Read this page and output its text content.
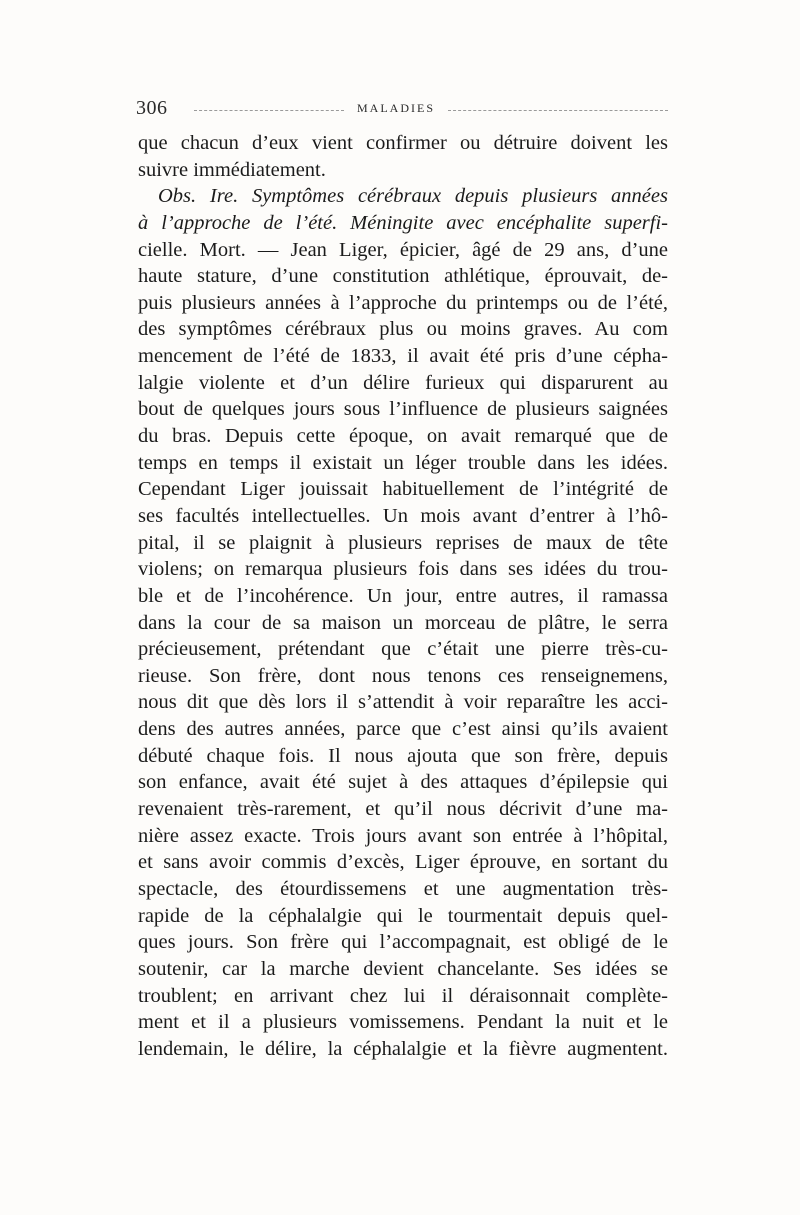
306	MALADIES
que chacun d’eux vient confirmer ou détruire doivent les
suivre immédiatement.
Obs. Ire. Symptômes cérébraux depuis plusieurs années
à l’approche de l’été. Méningite avec encéphalite superfi-
cielle. Mort. — Jean Liger, épicier, âgé de 29 ans, d’une
haute stature, d’une constitution athlétique, éprouvait, de-
puis plusieurs années à l’approche du printemps ou de l’été,
des symptômes cérébraux plus ou moins graves. Au com
mencement de l’été de 1833, il avait été pris d’une cépha-
lalgie violente et d’un délire furieux qui disparurent au
bout de quelques jours sous l’influence de plusieurs saignées
du bras. Depuis cette époque, on avait remarqué que de
temps en temps il existait un léger trouble dans les idées.
Cependant Liger jouissait habituellement de l’intégrité de
ses facultés intellectuelles. Un mois avant d’entrer à l’hô-
pital, il se plaignit à plusieurs reprises de maux de tête
violens; on remarqua plusieurs fois dans ses idées du trou-
ble et de l’incohérence. Un jour, entre autres, il ramassa
dans la cour de sa maison un morceau de plâtre, le serra
précieusement, prétendant que c’était une pierre très-cu-
rieuse. Son frère, dont nous tenons ces renseignemens,
nous dit que dès lors il s’attendit à voir reparaître les acci-
dens des autres années, parce que c’est ainsi qu’ils avaient
débuté chaque fois. Il nous ajouta que son frère, depuis
son enfance, avait été sujet à des attaques d’épilepsie qui
revenaient très-rarement, et qu’il nous décrivit d’une ma-
nière assez exacte. Trois jours avant son entrée à l’hôpital,
et sans avoir commis d’excès, Liger éprouve, en sortant du
spectacle, des étourdissemens et une augmentation très-
rapide de la céphalalgie qui le tourmentait depuis quel-
ques jours. Son frère qui l’accompagnait, est obligé de le
soutenir, car la marche devient chancelante. Ses idées se
troublent; en arrivant chez lui il déraisonnait complète-
ment et il a plusieurs vomissemens. Pendant la nuit et le
lendemain, le délire, la céphalalgie et la fièvre augmentent.
